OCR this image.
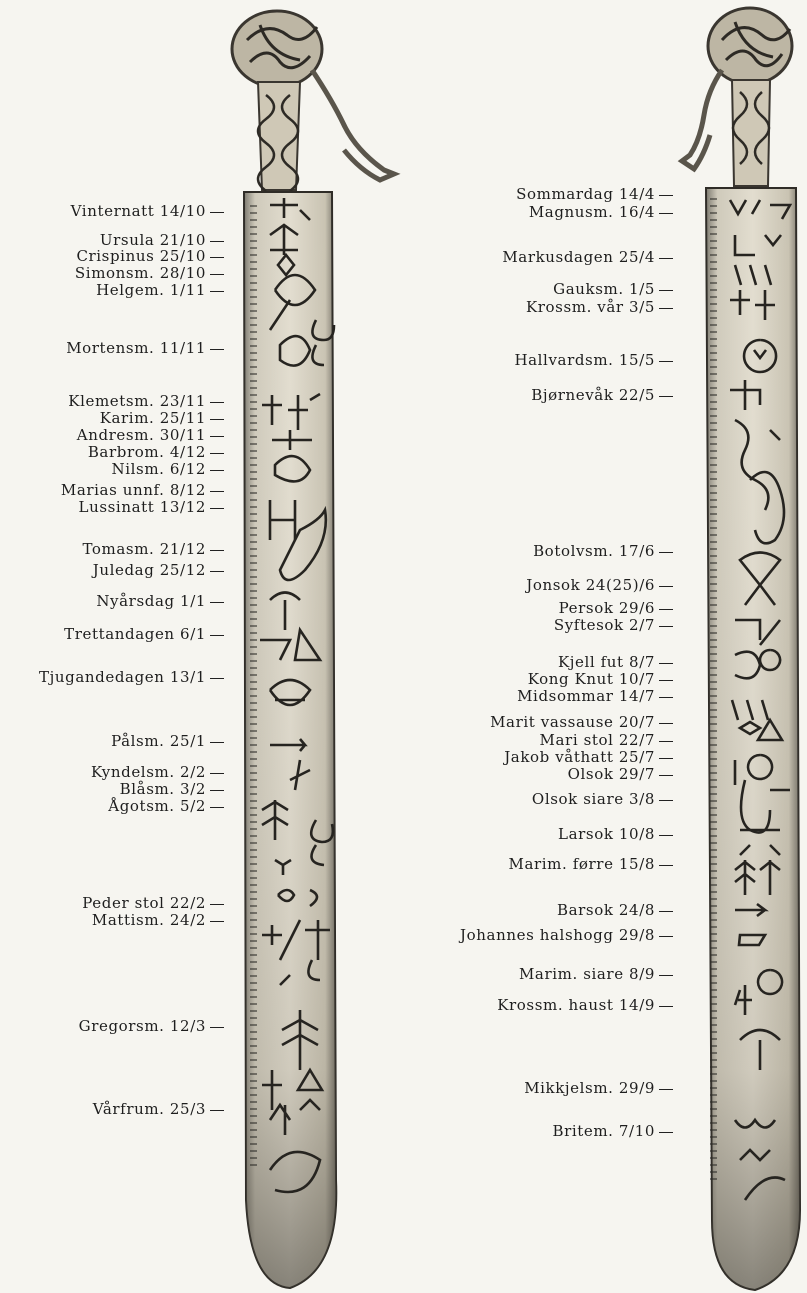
Vinternatt 14/10
Ursula 21/10
Crispinus 25/10
Simonsm. 28/10
Helgem. 1/11
Mortensm. 11/11
Klemetsm. 23/11
Karim. 25/11
Andresm. 30/11
Barbrom. 4/12
Nilsm. 6/12
Marias unnf. 8/12
Lussinatt 13/12
Tomasm. 21/12
Juledag 25/12
Nyårsdag 1/1
Trettandagen 6/1
Tjugandedagen 13/1
Pålsm. 25/1
Kyndelsm. 2/2
Blåsm. 3/2
Ågotsm. 5/2
Peder stol 22/2
Mattism. 24/2
Gregorsm. 12/3
Vårfrum. 25/3
Sommardag 14/4
Magnusm. 16/4
Markusdagen 25/4
Gauksm. 1/5
Krossm. vår 3/5
Hallvardsm. 15/5
Bjørnevåk 22/5
Botolvsm. 17/6
Jonsok 24(25)/6
Persok 29/6
Syftesok 2/7
Kjell fut 8/7
Kong Knut 10/7
Midsommar 14/7
Marit vassause 20/7
Mari stol 22/7
Jakob våthatt 25/7
Olsok 29/7
Olsok siare 3/8
Larsok 10/8
Marim. førre 15/8
Barsok 24/8
Johannes halshogg 29/8
Marim. siare 8/9
Krossm. haust 14/9
Mikkjelsm. 29/9
Britem. 7/10
